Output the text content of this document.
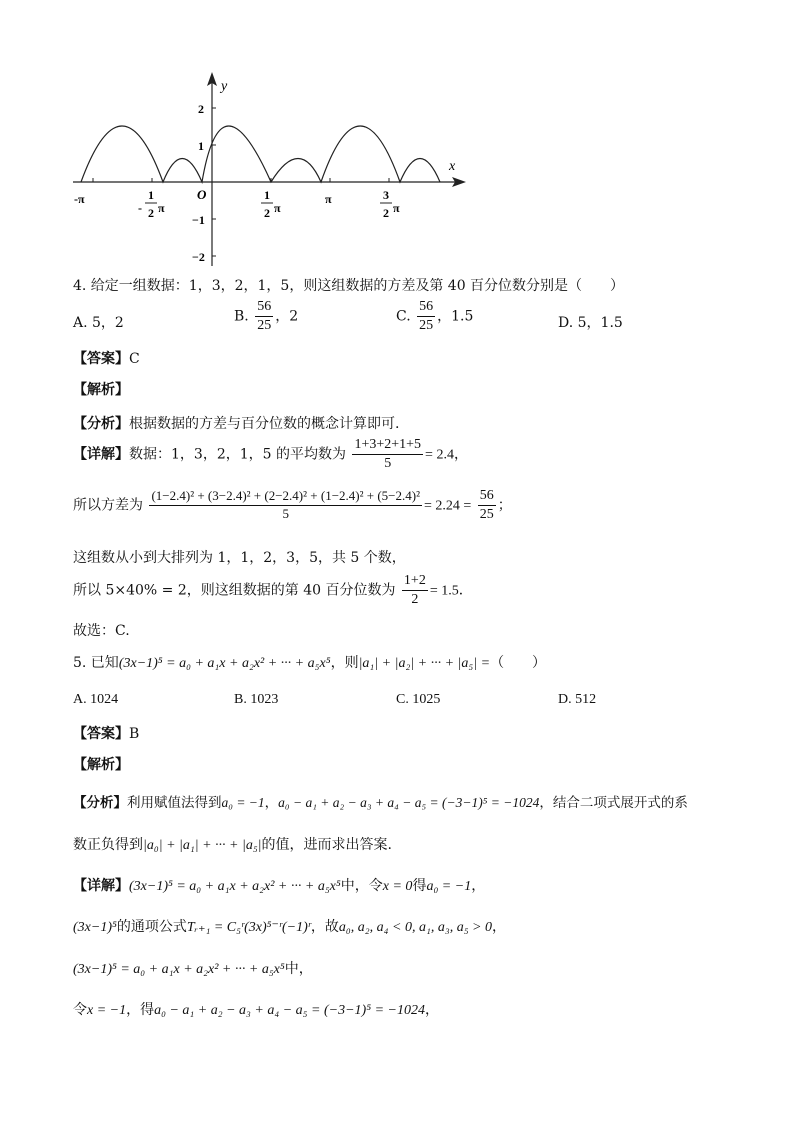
y
x
O
2
1
−1
−2
-π	π
-
1
2 π
1
2 π
3
2 π
4. 给定一组数据：1，3，2，1，5，则这组数据的方差及第 40 百分位数分别是（　　）
A. 5，2	B. $\frac{56}{25}$ ，2	C. $\frac{56}{25}$ ，1.5	D. 5，1.5
【答案】C
【解析】
【分析】根据数据的方差与百分位数的概念计算即可.
【详解】数据：1，3，2，1，5 的平均数为 $\frac{1+3+2+1+5}{5} = 2.4$，
所以方差为 $\frac{\text{(1−2.4)² + (3−2.4)² + (2−2.4)² + (1−2.4)² + (5−2.4)²}}{5} = 2.24 = \frac{56}{25}$ ；
这组数从小到大排列为 1，1，2，3，5，共 5 个数，
所以 5×40% = 2，则这组数据的第 40 百分位数为 $\frac{1+2}{2} = 1.5$．
故选：C.
5. 已知(3x−1)⁵ = a₀ + a₁x + a₂x² + ··· + a₅x⁵，则|a₁| + |a₂| + ··· + |a₅| =（　　）
A. 1024	B. 1023	C. 1025	D. 512
【答案】B
【解析】
【分析】利用赋值法得到a₀ = −1，a₀ − a₁ + a₂ − a₃ + a₄ − a₅ = (−3−1)⁵ = −1024，结合二项式展开式的系
数正负得到|a₀| + |a₁| + ··· + |a₅|的值，进而求出答案.
【详解】(3x−1)⁵ = a₀ + a₁x + a₂x² + ··· + a₅x⁵中，令x = 0得a₀ = −1，
(3x−1)⁵的通项公式Tᵣ₊₁ = C₅ʳ(3x)⁵⁻ʳ(−1)ʳ，故a₀, a₂, a₄ < 0, a₁, a₃, a₅ > 0，
(3x−1)⁵ = a₀ + a₁x + a₂x² + ··· + a₅x⁵中，
令x = −1，得a₀ − a₁ + a₂ − a₃ + a₄ − a₅ = (−3−1)⁵ = −1024，
